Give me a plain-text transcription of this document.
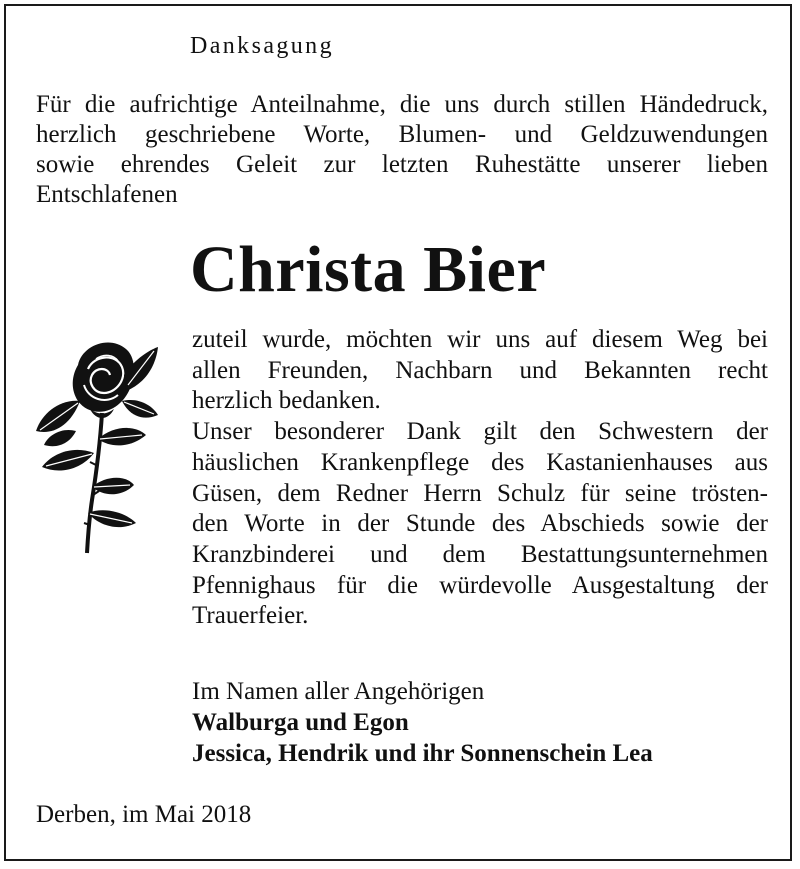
Danksagung

Für die aufrichtige Anteilnahme, die uns durch stillen Händedruck,
herzlich geschriebene Worte, Blumen- und Geldzuwendungen
sowie ehrendes Geleit zur letzten Ruhestätte unserer lieben
Entschlafenen

Christa Bier

zuteil wurde, möchten wir uns auf diesem Weg bei
allen Freunden, Nachbarn und Bekannten recht
herzlich bedanken.
Unser besonderer Dank gilt den Schwestern der
häuslichen Krankenpflege des Kastanienhauses aus
Güsen, dem Redner Herrn Schulz für seine trösten-
den Worte in der Stunde des Abschieds sowie der
Kranzbinderei und dem Bestattungsunternehmen
Pfennighaus für die würdevolle Ausgestaltung der
Trauerfeier.

Im Namen aller Angehörigen
Walburga und Egon
Jessica, Hendrik und ihr Sonnenschein Lea
Derben, im Mai 2018
